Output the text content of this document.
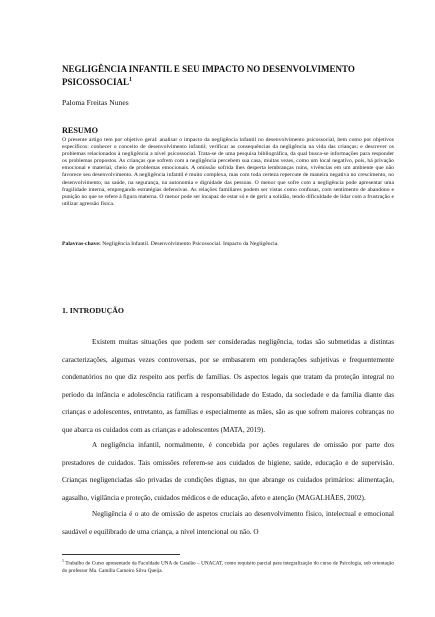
NEGLIGÊNCIA INFANTIL E SEU IMPACTO NO DESENVOLVIMENTO PSICOSSOCIAL$^1$
Paloma Freitas Nunes
RESUMO

O presente artigo tem por objetivo geral: analisar o impacto da negligência infantil no desenvolvimento psicossocial, bem como por objetivos específicos: conhecer o conceito de desenvolvimento infantil; verificar as consequências da negligência na vida das crianças; e descrever os problemas relacionados à negligência a nível psicossocial. Trata-se de uma pesquisa bibliográfica, da qual busca-se informações para responder os problemas propostos. As crianças que sofrem com a negligência percebem sua casa, muitas vezes, como um local negativo, pois, há privação emocional e material, cheio de problemas emocionais. A omissão sofrida lhes desperta lembranças ruins, vivências em um ambiente que não favorece seu desenvolvimento. A negligência infantil é muito complexa, mas com toda certeza repercute de maneira negativa no crescimento, no desenvolvimento, na saúde, na segurança, na autonomia e dignidade das pessoas. O menor que sofre com a negligência pode apresentar uma fragilidade interna, empregando estratégias defensivas. As relações familiares podem ser vistas como confusas, com sentimento de abandono e punição no que se refere à figura materna. O menor pode ser incapaz de estar só e de gerir a solidão, tendo dificuldade de lidar com a frustração e utilizar agressão física.

Palavras-chave: Negligência Infantil. Desenvolvimento Psicossocial. Impacto da Negligência.
1. INTRODUÇÃO

Existem muitas situações que podem ser consideradas negligência, todas são submetidas a distintas caracterizações, algumas vezes controversas, por se embasarem em ponderações subjetivas e frequentemente condenatórios no que diz respeito aos perfis de famílias. Os aspectos legais que tratam da proteção integral no período da infância e adolescência ratificam a responsabilidade do Estado, da sociedade e da família diante das crianças e adolescentes, entretanto, as famílias e especialmente as mães, são as que sofrem maiores cobranças no que abarca os cuidados com as crianças e adolescentes (MATA, 2019).

A negligência infantil, normalmente, é concebida por ações regulares de omissão por parte dos prestadores de cuidados. Tais omissões referem-se aos cuidados de higiene, saúde, educação e de supervisão. Crianças negligenciadas são privadas de condições dignas, no que abrange os cuidados primários: alimentação, agasalho, vigilância e proteção, cuidados médicos e de educação, afeto e atenção (MAGALHÃES, 2002).

Negligência é o ato de omissão de aspetos cruciais ao desenvolvimento físico, intelectual e emocional saudável e equilibrado de uma criança, a nível intencional ou não. O

$^1$ Trabalho de Curso apresentado da Faculdade UNA de Catalão – UNACAT, como requisito parcial para integralização do curso de Psicologia, sob orientação do professor Ma. Camilla Carneiro Silva Queija.
